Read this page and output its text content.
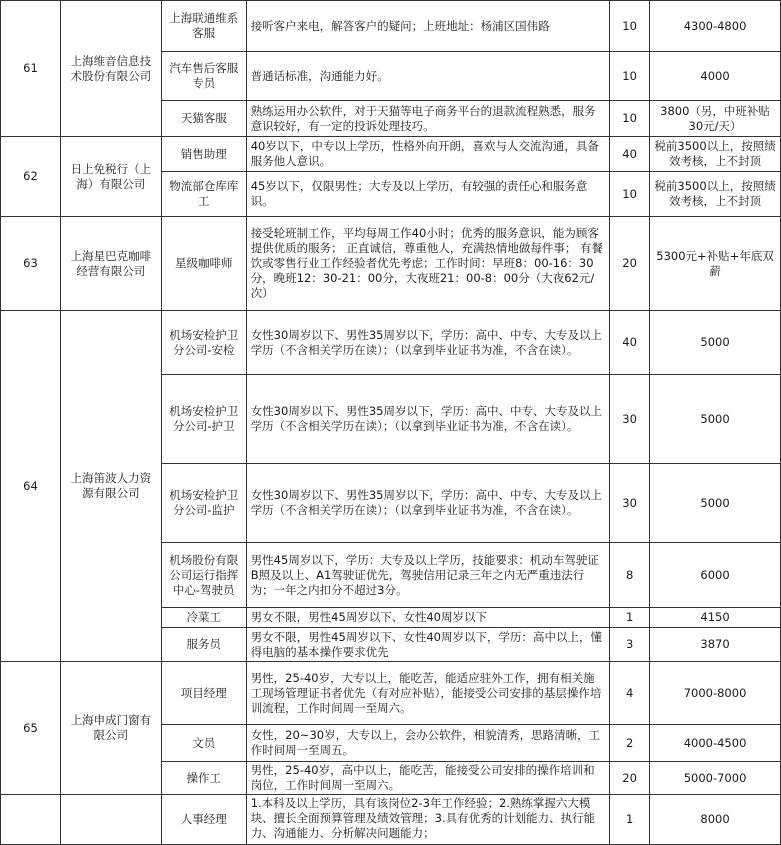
61	上海维音信息技术股份有限公司	上海联通维系客服	接听客户来电，解答客户的疑问；上班地址：杨浦区国伟路	10	4300-4800
		汽车售后客服专员	普通话标准，沟通能力好。	10	4000
		天猫客服	熟练运用办公软件，对于天猫等电子商务平台的退款流程熟悉，服务意识较好，有一定的投诉处理技巧。	10	3800（另，中班补贴30元/天）
62	日上免税行（上海）有限公司	销售助理	40岁以下，中专以上学历，性格外向开朗，喜欢与人交流沟通，具备服务他人意识。	40	税前3500以上，按照绩效考核，上不封顶
		物流部仓库库工	45岁以下，仅限男性；大专及以上学历，有较强的责任心和服务意识。	10	税前3500以上，按照绩效考核，上不封顶
63	上海星巴克咖啡经营有限公司	星级咖啡师	接受轮班制工作，平均每周工作40小时；优秀的服务意识，能为顾客提供优质的服务； 正直诚信，尊重他人，充满热情地做每件事； 有餐饮或零售行业工作经验者优先考虑；工作时间：早班8：00-16：30分，晚班12：30-21：00分，大夜班21：00-8：00分（大夜62元/次）	20	5300元+补贴+年底双薪
64	上海笛波人力资源有限公司	机场安检护卫分公司-安检	女性30周岁以下、男性35周岁以下，学历：高中、中专、大专及以上学历（不含相关学历在读）；（以拿到毕业证书为准，不含在读）。	40	5000
		机场安检护卫分公司-护卫	女性30周岁以下、男性35周岁以下，学历：高中、中专、大专及以上学历（不含相关学历在读）；（以拿到毕业证书为准，不含在读）。	30	5000
		机场安检护卫分公司-监护	女性30周岁以下、男性35周岁以下，学历：高中、中专、大专及以上学历（不含相关学历在读）；（以拿到毕业证书为准，不含在读）。	30	5000
		机场股份有限公司运行指挥中心-驾驶员	男性45周岁以下，学历：大专及以上学历，技能要求：机动车驾驶证B照及以上、A1驾驶证优先，驾驶信用记录三年之内无严重违法行为；一年之内扣分不超过3分。	8	6000
		冷菜工	男女不限，男性45周岁以下、女性40周岁以下	1	4150
		服务员	男女不限，男性45周岁以下、女性40周岁以下，学历：高中以上，懂得电脑的基本操作要求优先	3	3870
65	上海申成门窗有限公司	项目经理	男性，25-40岁，大专以上，能吃苦，能适应驻外工作，拥有相关施工现场管理证书者优先（有对应补贴），能接受公司安排的基层操作培训流程，工作时间周一至周六。	4	7000-8000
		文员	女性，20~30岁，大专以上，会办公软件，相貌清秀，思路清晰，工作时间周一至周五。	2	4000-4500
		操作工	男性，25-40岁，高中以上，能吃苦，能接受公司安排的操作培训和岗位，工作时间周一至周六。	20	5000-7000
		人事经理	1.本科及以上学历，具有该岗位2-3年工作经验；2.熟练掌握六大模块、擅长全面预算管理及绩效管理；3.具有优秀的计划能力、执行能力、沟通能力、分析解决问题能力；	1	8000
